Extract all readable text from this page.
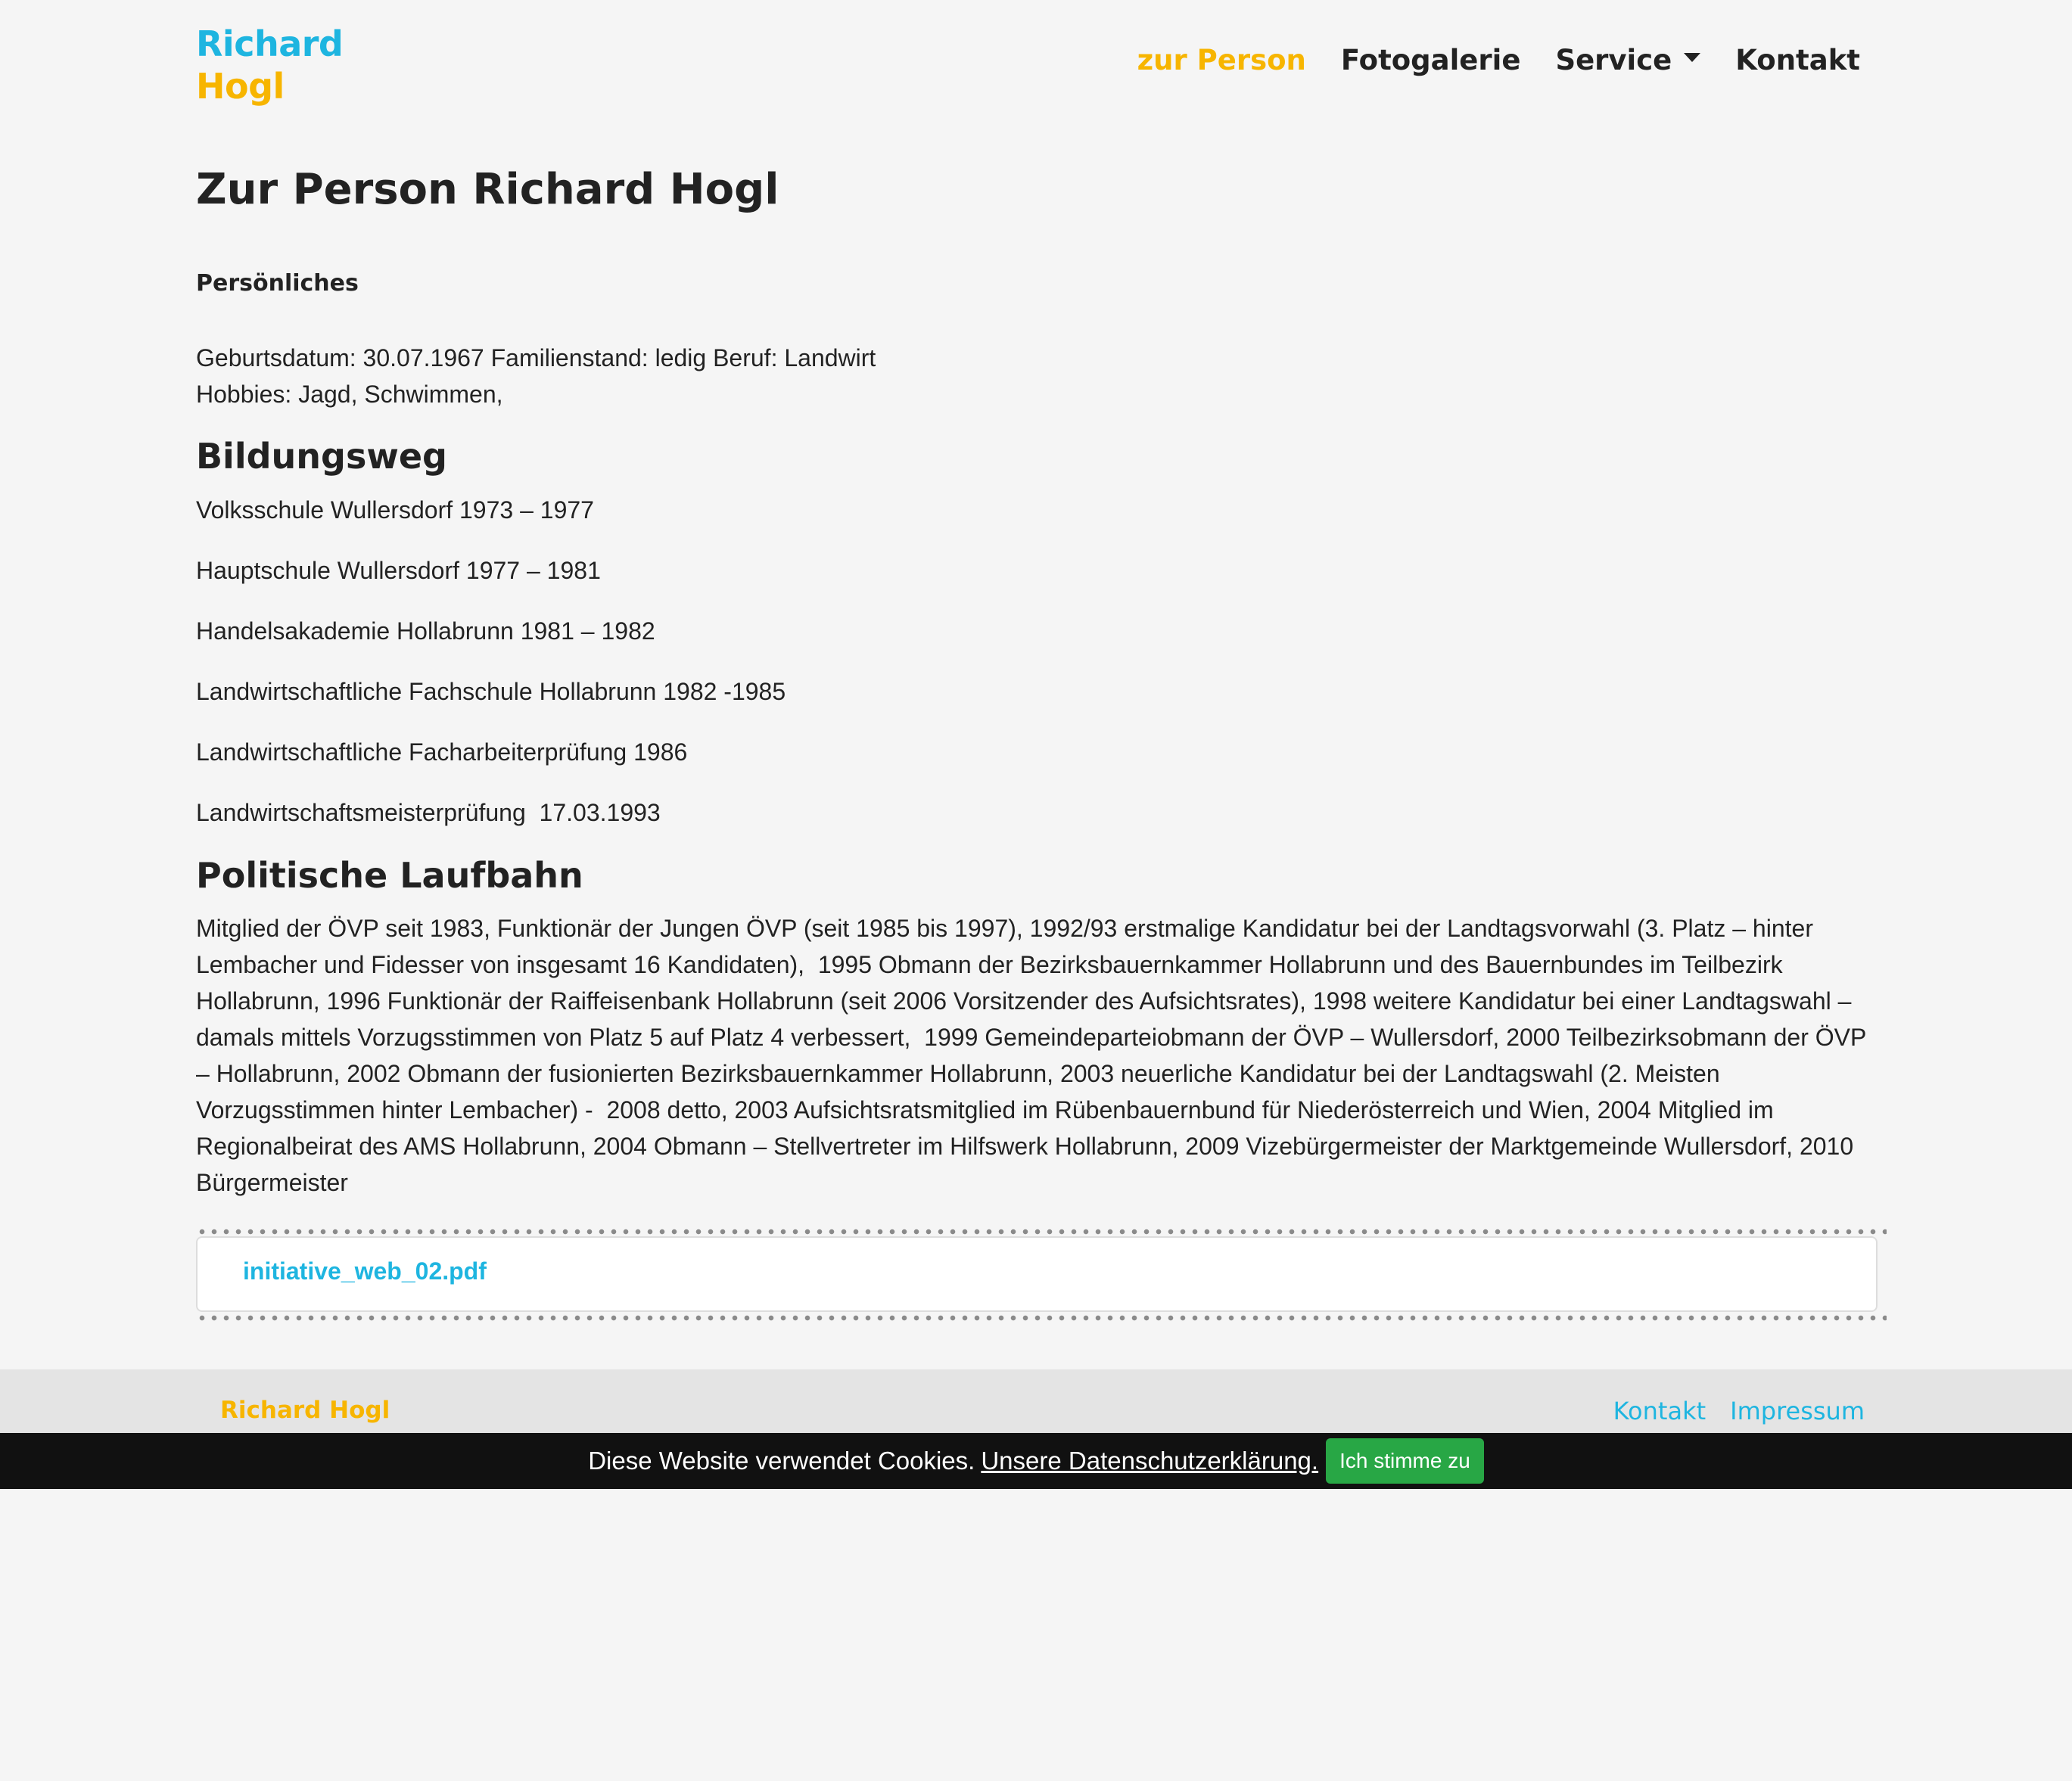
Richard
Hogl
zur Person Fotogalerie Service Kontakt
Zur Person Richard Hogl
Persönliches
Geburtsdatum: 30.07.1967 Familienstand: ledig Beruf: Landwirt
Hobbies: Jagd, Schwimmen,
Bildungsweg
Volksschule Wullersdorf 1973 – 1977
Hauptschule Wullersdorf 1977 – 1981
Handelsakademie Hollabrunn 1981 – 1982
Landwirtschaftliche Fachschule Hollabrunn 1982 -1985
Landwirtschaftliche Facharbeiterprüfung 1986
Landwirtschaftsmeisterprüfung  17.03.1993
Politische Laufbahn
Mitglied der ÖVP seit 1983, Funktionär der Jungen ÖVP (seit 1985 bis 1997), 1992/93 erstmalige Kandidatur bei der Landtagsvorwahl (3. Platz – hinter Lembacher und Fidesser von insgesamt 16 Kandidaten),  1995 Obmann der Bezirksbauernkammer Hollabrunn und des Bauernbundes im Teilbezirk Hollabrunn, 1996 Funktionär der Raiffeisenbank Hollabrunn (seit 2006 Vorsitzender des Aufsichtsrates), 1998 weitere Kandidatur bei einer Landtagswahl – damals mittels Vorzugsstimmen von Platz 5 auf Platz 4 verbessert,  1999 Gemeindeparteiobmann der ÖVP – Wullersdorf, 2000 Teilbezirksobmann der ÖVP – Hollabrunn, 2002 Obmann der fusionierten Bezirksbauernkammer Hollabrunn, 2003 neuerliche Kandidatur bei der Landtagswahl (2. Meisten Vorzugsstimmen hinter Lembacher) -  2008 detto, 2003 Aufsichtsratsmitglied im Rübenbauernbund für Niederösterreich und Wien, 2004 Mitglied im Regionalbeirat des AMS Hollabrunn, 2004 Obmann – Stellvertreter im Hilfswerk Hollabrunn, 2009 Vizebürgermeister der Marktgemeinde Wullersdorf, 2010 Bürgermeister
initiative_web_02.pdf
Richard Hogl	Kontakt Impressum
Diese Website verwendet Cookies. Unsere Datenschutzerklärung.	Ich stimme zu
